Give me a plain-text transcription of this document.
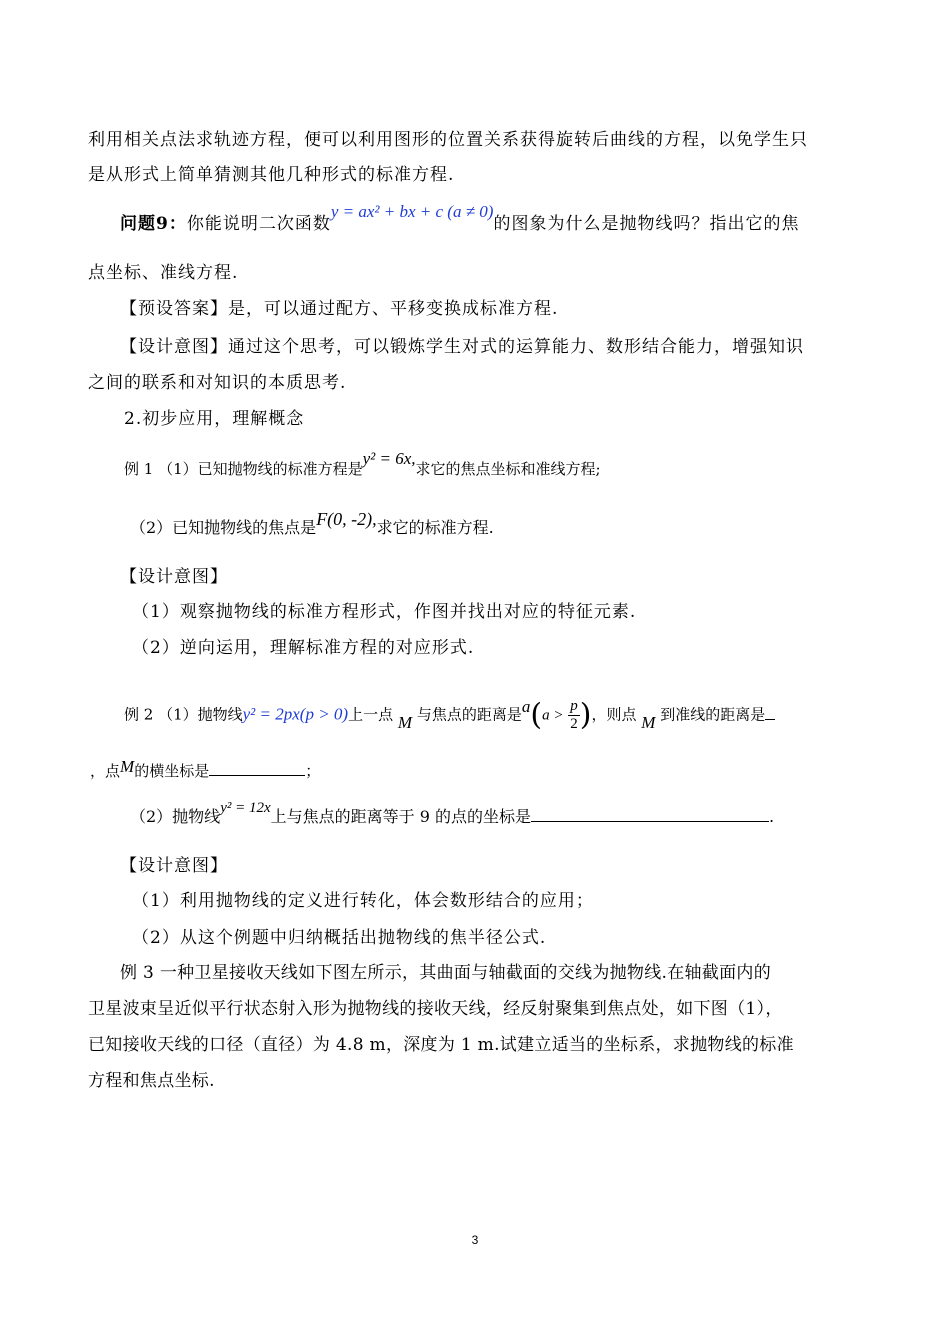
利用相关点法求轨迹方程，便可以利用图形的位置关系获得旋转后曲线的方程，以免学生只
是从形式上简单猜测其他几种形式的标准方程.
问题9：你能说明二次函数y = ax² + bx + c (a ≠ 0)的图象为什么是抛物线吗？指出它的焦
点坐标、准线方程.
【预设答案】是，可以通过配方、平移变换成标准方程.
【设计意图】通过这个思考，可以锻炼学生对式的运算能力、数形结合能力，增强知识
之间的联系和对知识的本质思考.
2.初步应用，理解概念
例 1 （1）已知抛物线的标准方程是y² = 6x,求它的焦点坐标和准线方程;
（2）已知抛物线的焦点是F(0, -2),求它的标准方程.
【设计意图】
（1）观察抛物线的标准方程形式，作图并找出对应的特征元素.
（2）逆向运用，理解标准方程的对应形式.
例 2 （1）抛物线y² = 2px(p > 0)上一点 M 与焦点的距离是$a(a > \frac{p}{2}$ )，则点 M 到准线的距离是
，点M的横坐标是	；
（2）抛物线y² = 12x上与焦点的距离等于 9 的点的坐标是	.
【设计意图】
（1）利用抛物线的定义进行转化，体会数形结合的应用；
（2）从这个例题中归纳概括出抛物线的焦半径公式.
例 3 一种卫星接收天线如下图左所示，其曲面与轴截面的交线为抛物线.在轴截面内的
卫星波束呈近似平行状态射入形为抛物线的接收天线，经反射聚集到焦点处，如下图（1），
已知接收天线的口径（直径）为 4.8 m，深度为 1 m.试建立适当的坐标系，求抛物线的标准
方程和焦点坐标.
3
